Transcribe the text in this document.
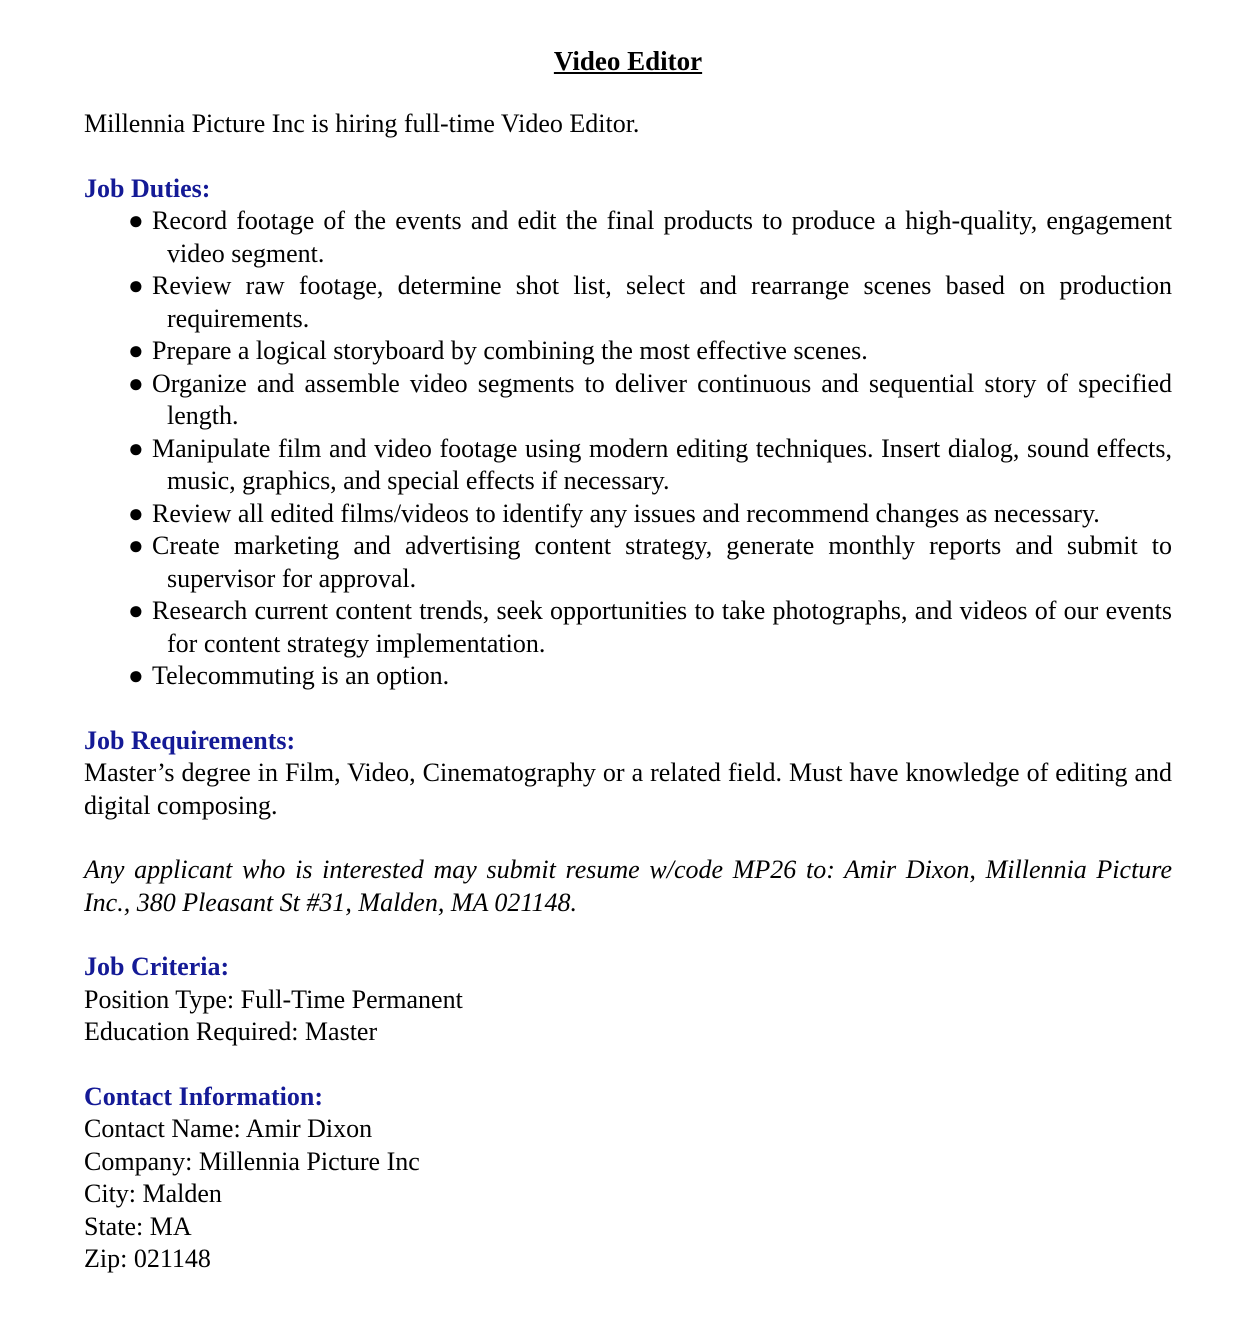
Video Editor

Millennia Picture Inc is hiring full-time Video Editor.

Job Duties:

● Record footage of the events and edit the final products to produce a high-quality, engagement video segment.
● Review raw footage, determine shot list, select and rearrange scenes based on production requirements.
● Prepare a logical storyboard by combining the most effective scenes.
● Organize and assemble video segments to deliver continuous and sequential story of specified length.
● Manipulate film and video footage using modern editing techniques. Insert dialog, sound effects, music, graphics, and special effects if necessary.
● Review all edited films/videos to identify any issues and recommend changes as necessary.
● Create marketing and advertising content strategy, generate monthly reports and submit to supervisor for approval.
● Research current content trends, seek opportunities to take photographs, and videos of our events for content strategy implementation.
● Telecommuting is an option.

Job Requirements:

Master’s degree in Film, Video, Cinematography or a related field. Must have knowledge of editing and digital composing.

Any applicant who is interested may submit resume w/code MP26 to: Amir Dixon, Millennia Picture Inc., 380 Pleasant St #31, Malden, MA 021148.

Job Criteria:

Position Type: Full-Time Permanent

Education Required: Master

Contact Information:

Contact Name: Amir Dixon

Company: Millennia Picture Inc

City: Malden

State: MA

Zip: 021148
